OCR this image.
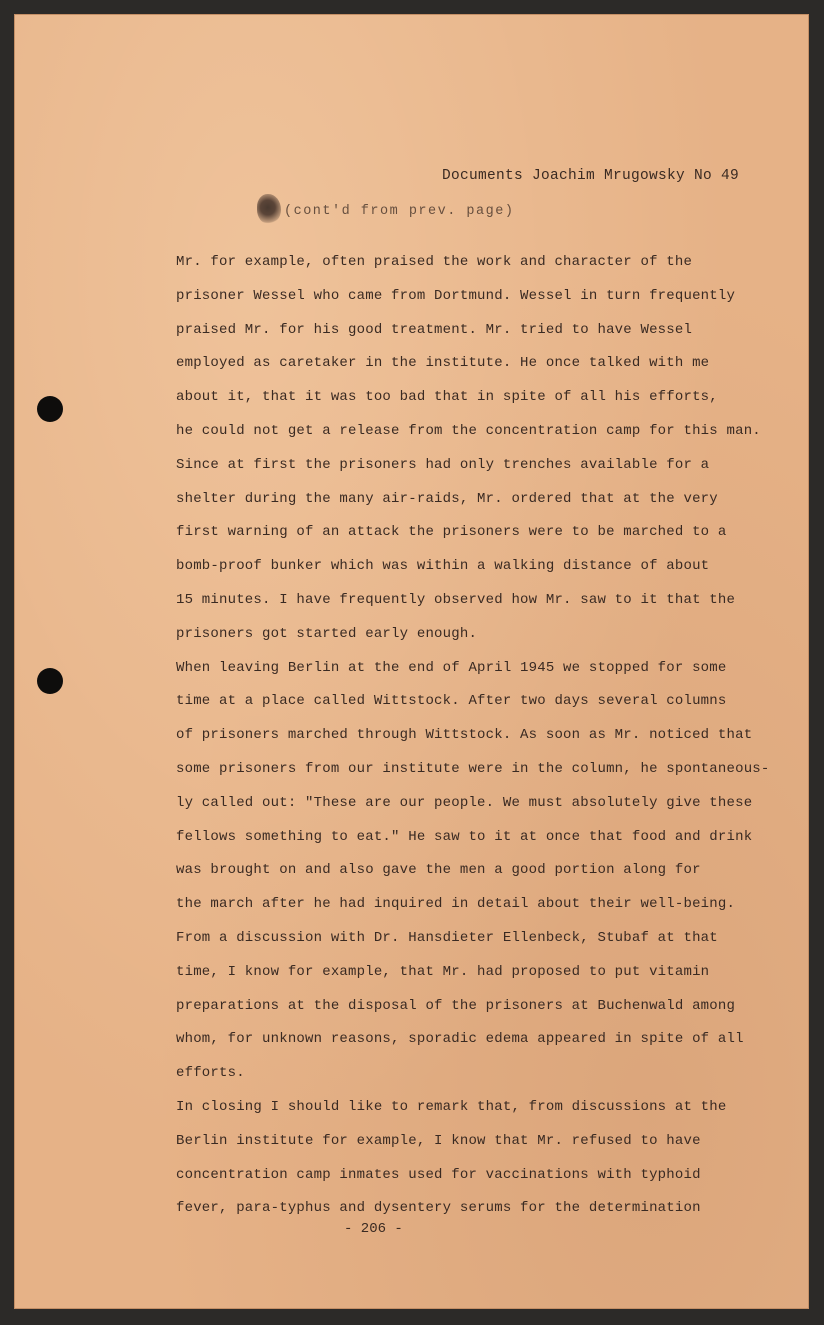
Documents Joachim Mrugowsky No 49
(cont'd from prev. page)
Mr. for example, often praised the work and character of the
prisoner Wessel who came from Dortmund. Wessel in turn frequently
praised Mr. for his good treatment. Mr. tried to have Wessel
employed as caretaker in the institute. He once talked with me
about it, that it was too bad that in spite of all his efforts,
he could not get a release from the concentration camp for this man.
Since at first the prisoners had only trenches available for a
shelter during the many air-raids, Mr. ordered that at the very
first warning of an attack the prisoners were to be marched to a
bomb-proof bunker which was within a walking distance of about
15 minutes. I have frequently observed how Mr. saw to it that the
prisoners got started early enough.
When leaving Berlin at the end of April 1945 we stopped for some
time at a place called Wittstock. After two days several columns
of prisoners marched through Wittstock. As soon as Mr. noticed that
some prisoners from our institute were in the column, he spontaneous-
ly called out: "These are our people. We must absolutely give these
fellows something to eat." He saw to it at once that food and drink
was brought on and also gave the men a good portion along for
the march after he had inquired in detail about their well-being.
From a discussion with Dr. Hansdieter Ellenbeck, Stubaf at that
time, I know for example, that Mr. had proposed to put vitamin
preparations at the disposal of the prisoners at Buchenwald among
whom, for unknown reasons, sporadic edema appeared in spite of all
efforts.
In closing I should like to remark that, from discussions at the
Berlin institute for example, I know that Mr. refused to have
concentration camp inmates used for vaccinations with typhoid
fever, para-typhus and dysentery serums for the determination
- 206 -
